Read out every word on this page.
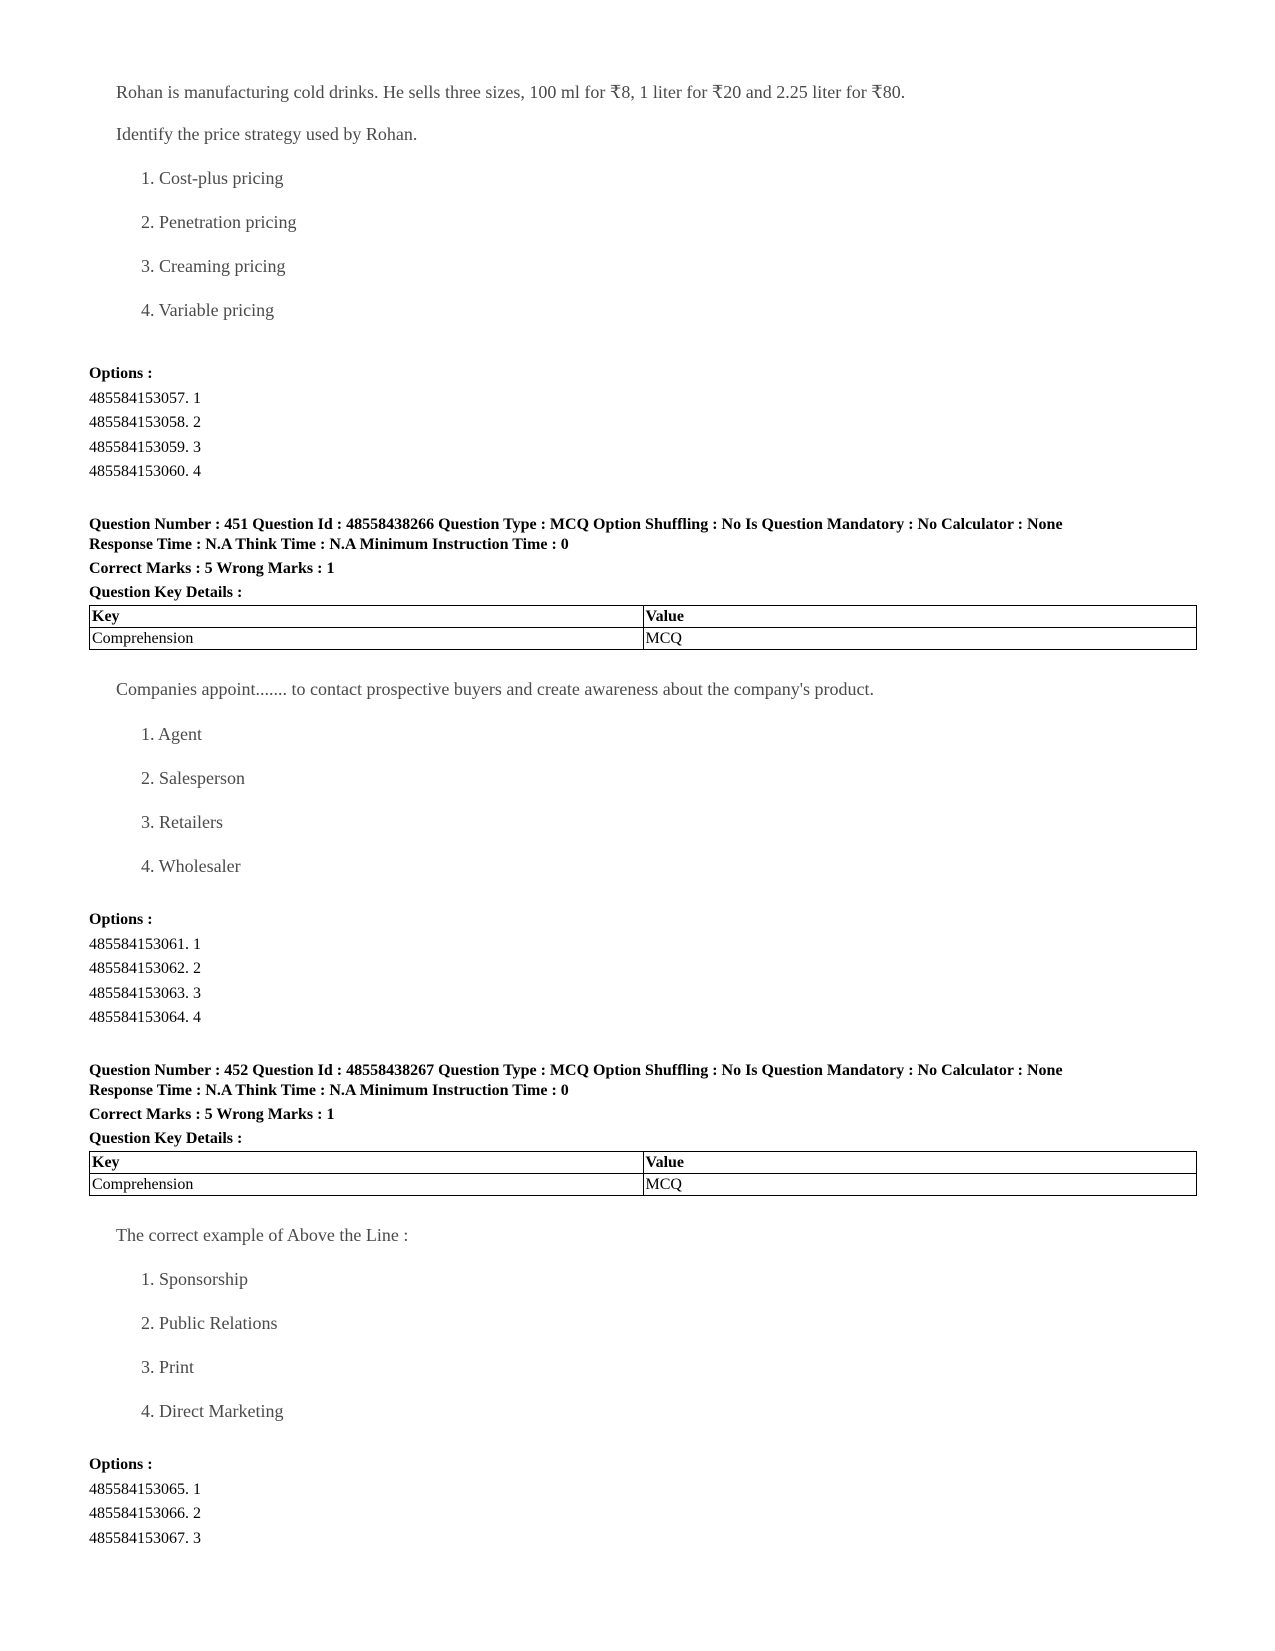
Rohan is manufacturing cold drinks. He sells three sizes, 100 ml for ₹8, 1 liter for ₹20 and 2.25 liter for ₹80.
Identify the price strategy used by Rohan.
1. Cost-plus pricing
2. Penetration pricing
3. Creaming pricing
4. Variable pricing
Options :
485584153057. 1
485584153058. 2
485584153059. 3
485584153060. 4
Question Number : 451 Question Id : 48558438266 Question Type : MCQ Option Shuffling : No Is Question Mandatory : No Calculator : None
Response Time : N.A Think Time : N.A Minimum Instruction Time : 0
Correct Marks : 5 Wrong Marks : 1
Question Key Details :
Key	Value
Comprehension	MCQ
Companies appoint....... to contact prospective buyers and create awareness about the company's product.
1. Agent
2. Salesperson
3. Retailers
4. Wholesaler
Options :
485584153061. 1
485584153062. 2
485584153063. 3
485584153064. 4
Question Number : 452 Question Id : 48558438267 Question Type : MCQ Option Shuffling : No Is Question Mandatory : No Calculator : None
Response Time : N.A Think Time : N.A Minimum Instruction Time : 0
Correct Marks : 5 Wrong Marks : 1
Question Key Details :
Key	Value
Comprehension	MCQ
The correct example of Above the Line :
1. Sponsorship
2. Public Relations
3. Print
4. Direct Marketing
Options :
485584153065. 1
485584153066. 2
485584153067. 3
